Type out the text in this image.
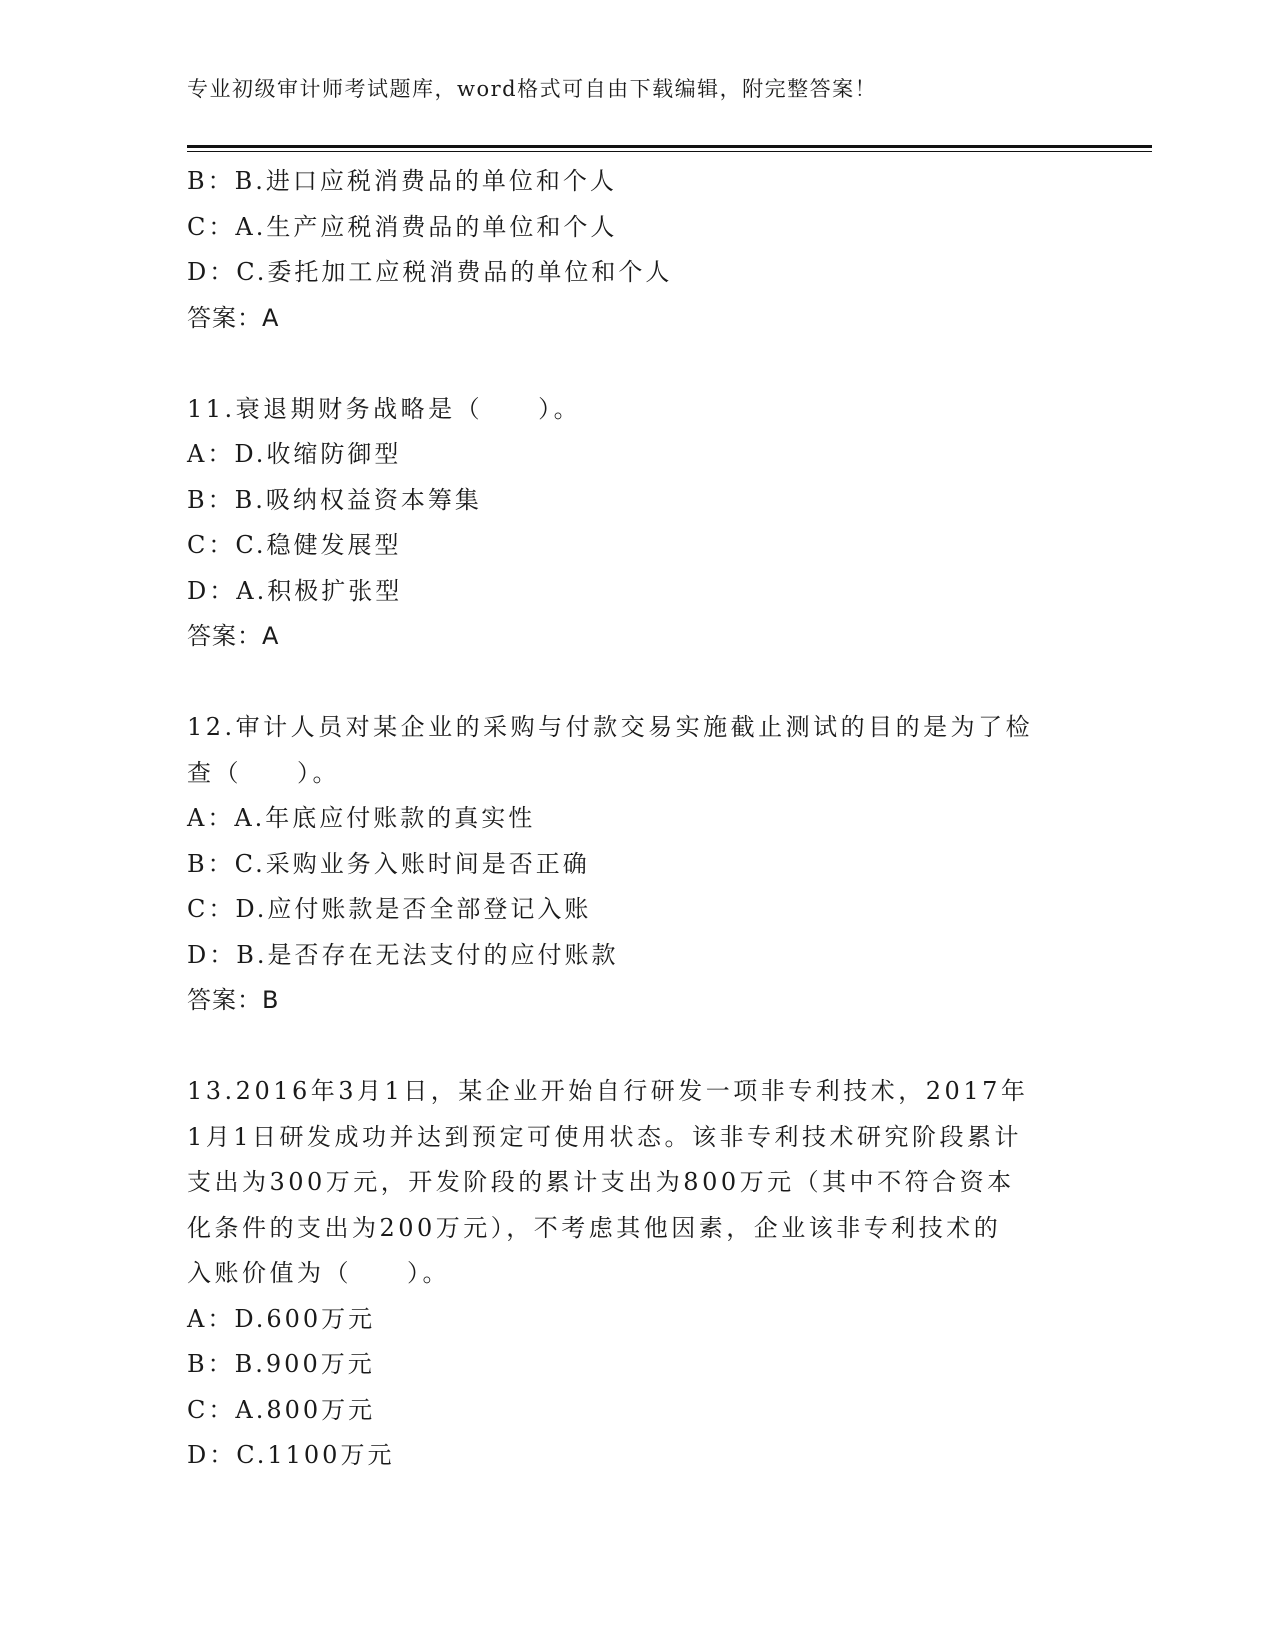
专业初级审计师考试题库，word格式可自由下载编辑，附完整答案！
B：B.进口应税消费品的单位和个人
C：A.生产应税消费品的单位和个人
D：C.委托加工应税消费品的单位和个人
答案：A
11.衰退期财务战略是（　　）。
A：D.收缩防御型
B：B.吸纳权益资本筹集
C：C.稳健发展型
D：A.积极扩张型
答案：A
12.审计人员对某企业的采购与付款交易实施截止测试的目的是为了检
查（　　）。
A：A.年底应付账款的真实性
B：C.采购业务入账时间是否正确
C：D.应付账款是否全部登记入账
D：B.是否存在无法支付的应付账款
答案：B
13.2016年3月1日，某企业开始自行研发一项非专利技术，2017年
1月1日研发成功并达到预定可使用状态。该非专利技术研究阶段累计
支出为300万元，开发阶段的累计支出为800万元（其中不符合资本
化条件的支出为200万元），不考虑其他因素，企业该非专利技术的
入账价值为（　　）。
A：D.600万元
B：B.900万元
C：A.800万元
D：C.1100万元
